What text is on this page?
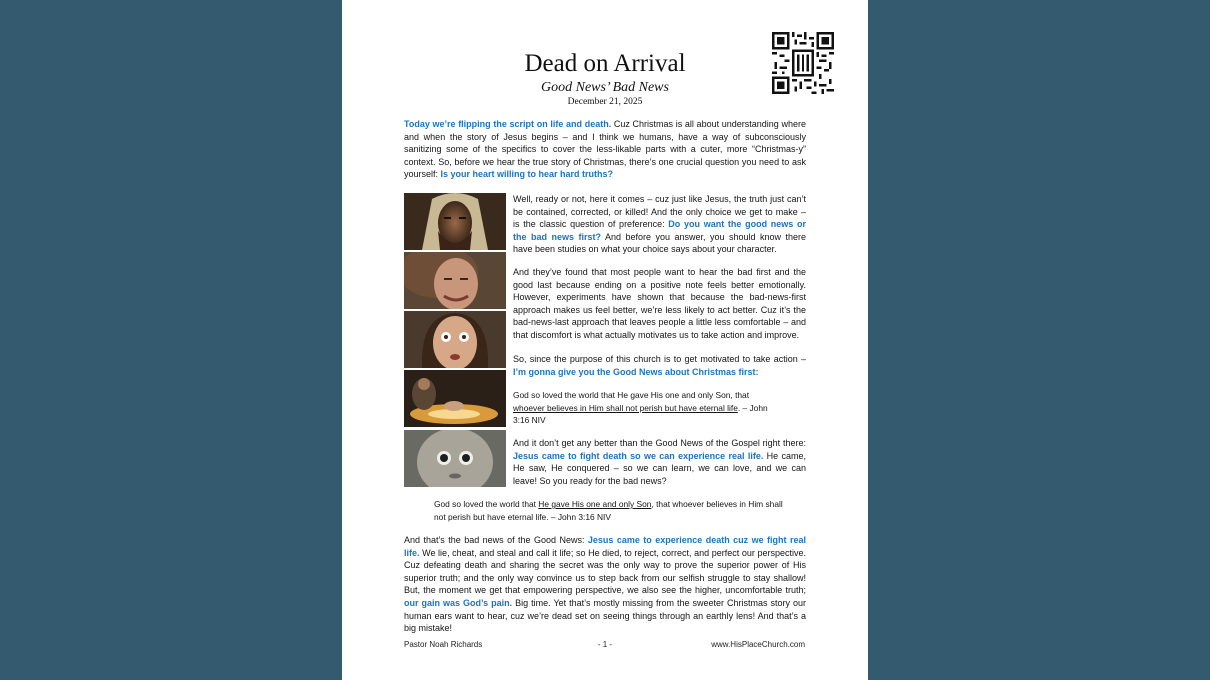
Dead on Arrival
Good News’ Bad News
December 21, 2025
Today we’re flipping the script on life and death. Cuz Christmas is all about understanding where and when the story of Jesus begins – and I think we humans, have a way of subconsciously sanitizing some of the specifics to cover the less-likable parts with a cuter, more “Christmas-y” context. So, before we hear the true story of Christmas, there’s one crucial question you need to ask yourself: Is your heart willing to hear hard truths?
Well, ready or not, here it comes – cuz just like Jesus, the truth just can’t be contained, corrected, or killed! And the only choice we get to make – is the classic question of preference: Do you want the good news or the bad news first? And before you answer, you should know there have been studies on what your choice says about your character.
And they’ve found that most people want to hear the bad first and the good last because ending on a positive note feels better emotionally. However, experiments have shown that because the bad-news-first approach makes us feel better, we’re less likely to act better. Cuz it’s the bad-news-last approach that leaves people a little less comfortable – and that discomfort is what actually motivates us to take action and improve.
So, since the purpose of this church is to get motivated to take action – I’m gonna give you the Good News about Christmas first:
God so loved the world that He gave His one and only Son, that whoever believes in Him shall not perish but have eternal life. – John 3:16 NIV
And it don’t get any better than the Good News of the Gospel right there: Jesus came to fight death so we can experience real life. He came, He saw, He conquered – so we can learn, we can love, and we can leave! So you ready for the bad news?
God so loved the world that He gave His one and only Son, that whoever believes in Him shall not perish but have eternal life. – John 3:16 NIV
And that’s the bad news of the Good News: Jesus came to experience death cuz we fight real life. We lie, cheat, and steal and call it life; so He died, to reject, correct, and perfect our perspective. Cuz defeating death and sharing the secret was the only way to prove the superior power of His superior truth; and the only way convince us to step back from our selfish struggle to stay shallow! But, the moment we get that empowering perspective, we also see the higher, uncomfortable truth; our gain was God’s pain. Big time. Yet that’s mostly missing from the sweeter Christmas story our human ears want to hear, cuz we’re dead set on seeing things through an earthly lens! And that’s a big mistake!
Pastor Noah Richards	- 1 -	www.HisPlaceChurch.com
